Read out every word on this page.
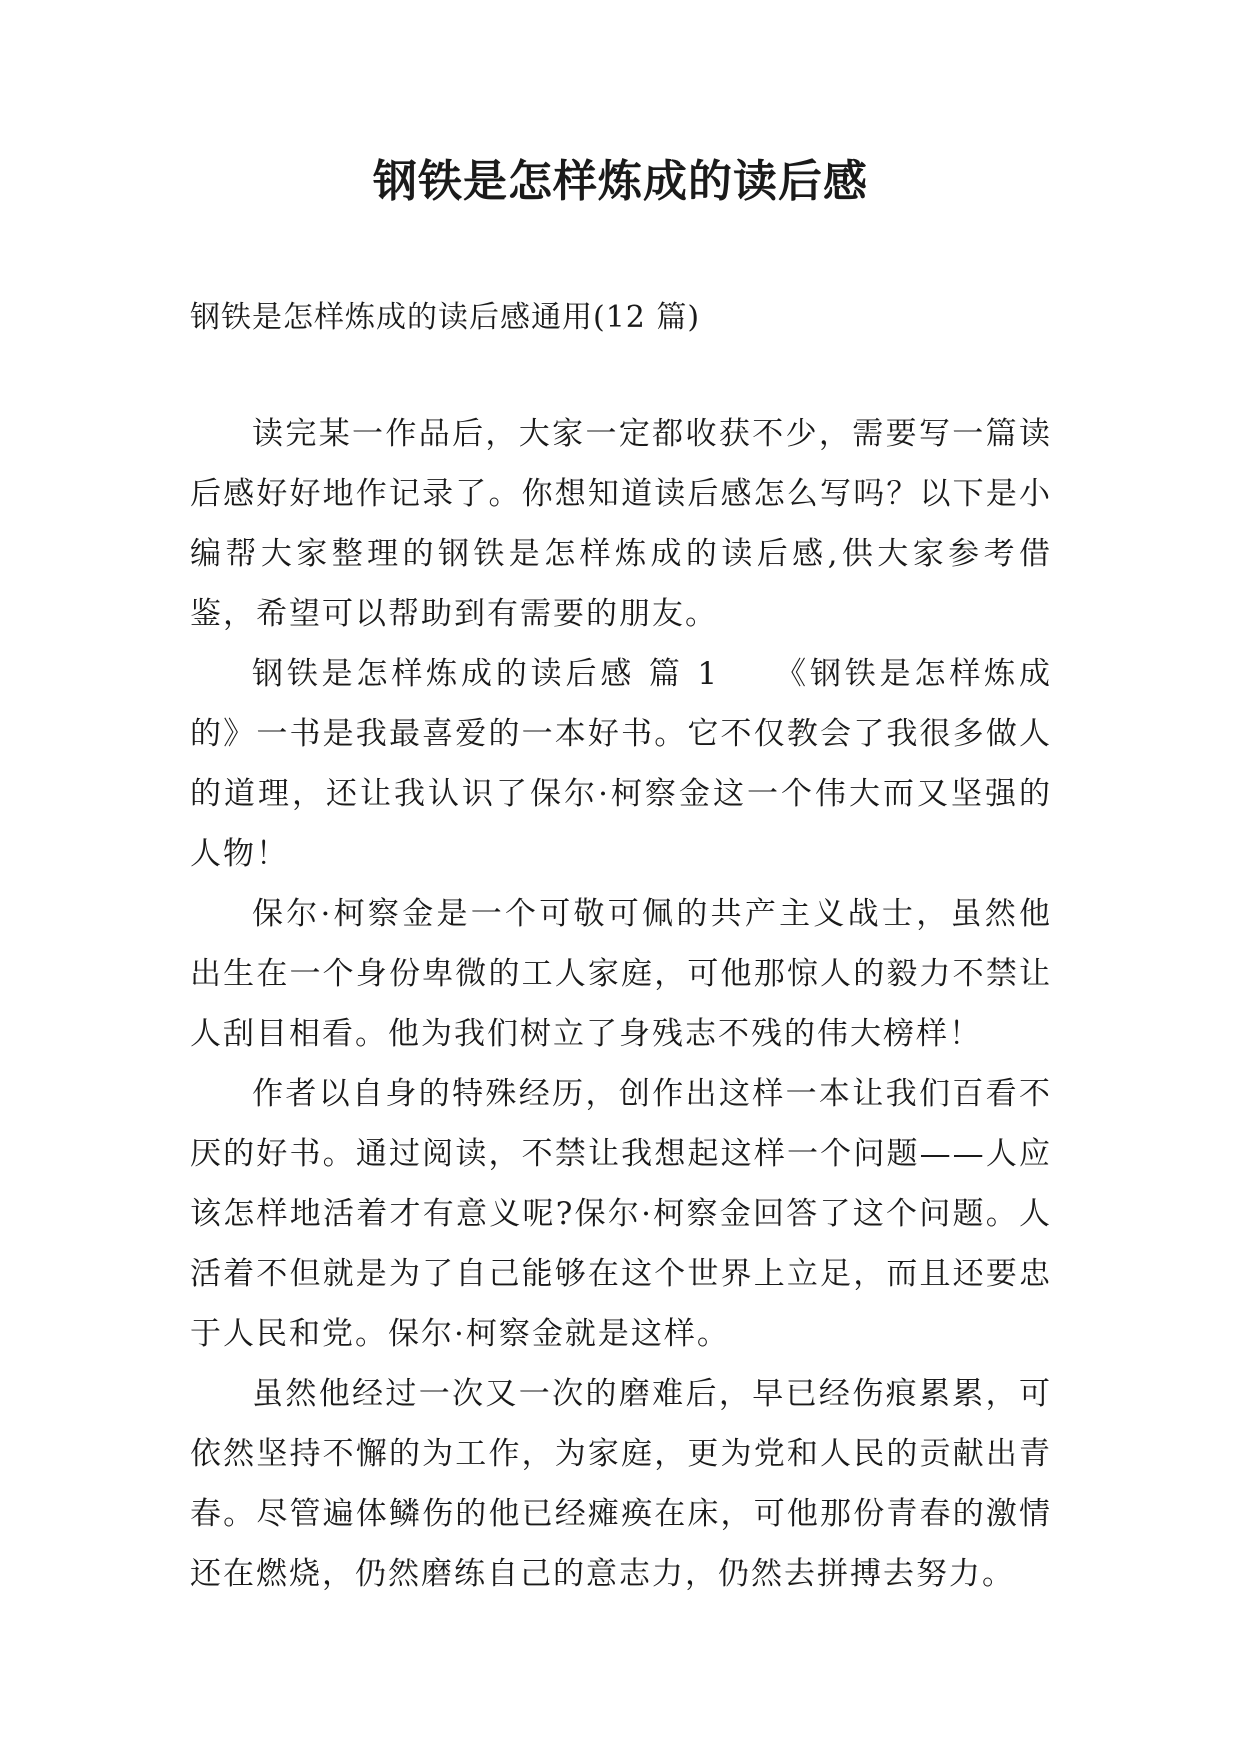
钢铁是怎样炼成的读后感

钢铁是怎样炼成的读后感通用(12 篇)

读完某一作品后，大家一定都收获不少，需要写一篇读后感好好地作记录了。你想知道读后感怎么写吗？以下是小编帮大家整理的钢铁是怎样炼成的读后感,供大家参考借鉴，希望可以帮助到有需要的朋友。

钢铁是怎样炼成的读后感 篇 1　　《钢铁是怎样炼成的》一书是我最喜爱的一本好书。它不仅教会了我很多做人的道理，还让我认识了保尔·柯察金这一个伟大而又坚强的人物！

保尔·柯察金是一个可敬可佩的共产主义战士，虽然他出生在一个身份卑微的工人家庭，可他那惊人的毅力不禁让人刮目相看。他为我们树立了身残志不残的伟大榜样！

作者以自身的特殊经历，创作出这样一本让我们百看不厌的好书。通过阅读，不禁让我想起这样一个问题——人应该怎样地活着才有意义呢?保尔·柯察金回答了这个问题。人活着不但就是为了自己能够在这个世界上立足，而且还要忠于人民和党。保尔·柯察金就是这样。

虽然他经过一次又一次的磨难后，早已经伤痕累累，可依然坚持不懈的为工作，为家庭，更为党和人民的贡献出青春。尽管遍体鳞伤的他已经瘫痪在床，可他那份青春的激情还在燃烧，仍然磨练自己的意志力，仍然去拼搏去努力。
